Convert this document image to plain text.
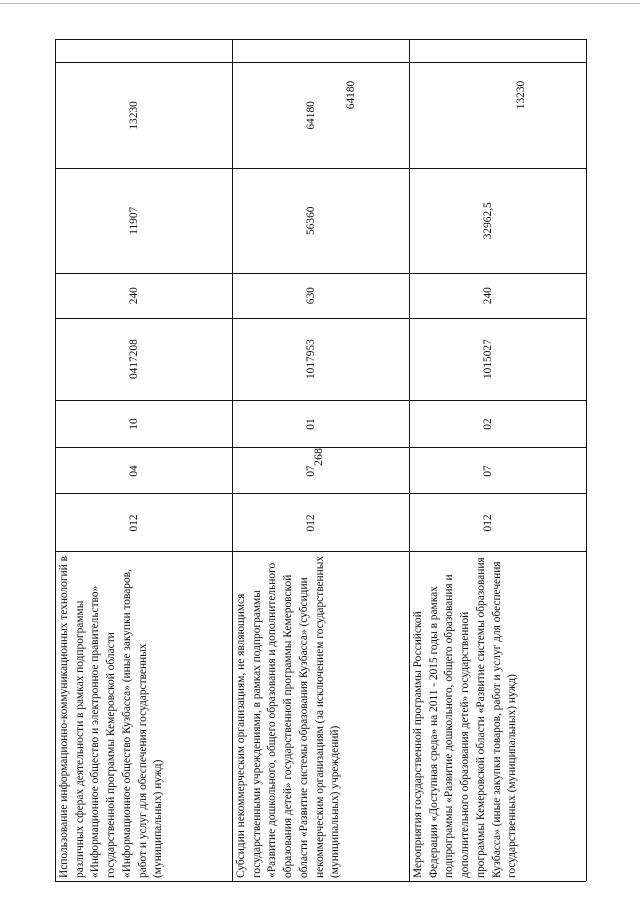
268
Использование информационно-коммуникационных технологий в различных сферах деятельности в рамках подпрограммы «Информационное общество и электронное правительство» государственной программы Кемеровской области «Информационное общество Кузбасса» (иные закупки товаров, работ и услуг для обеспечения государственных (муниципальных) нужд)
012
04
10
0417208
240
11907
13230
Субсидии некоммерческим организациям, не являющимся государственными учреждениями, в рамках подпрограммы «Развитие дошкольного, общего образования и дополнительного образования детей» государственной программы Кемеровской области «Развитие системы образования Кузбасса» (субсидии некоммерческим организациям (за исключением государственных (муниципальных) учреждений)
012
07
01
1017953
630
56360
64180
Мероприятия государственной программы Российской Федерации «Доступная среда» на 2011 - 2015 годы в рамках подпрограммы «Развитие дошкольного, общего образования и дополнительного образования детей» государственной программы Кемеровской области «Развитие системы образования Кузбасса» (иные закупки товаров, работ и услуг для обеспечения государственных (муниципальных) нужд)
012
07
02
1015027
240
32962,5
13230
64180
